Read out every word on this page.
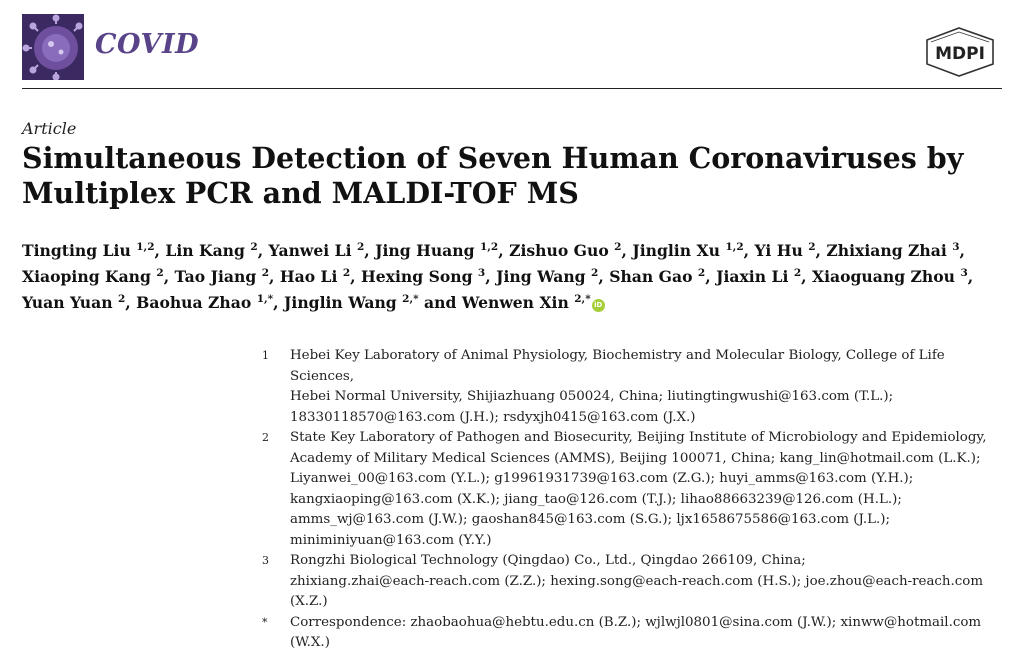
COVID	MDPI
Article
Simultaneous Detection of Seven Human Coronaviruses by Multiplex PCR and MALDI-TOF MS
Tingting Liu $^{1,2}$, Lin Kang $^2$, Yanwei Li $^2$, Jing Huang $^{1,2}$, Zishuo Guo $^2$, Jinglin Xu $^{1,2}$, Yi Hu $^2$, Zhixiang Zhai $^3$, Xiaoping Kang $^2$, Tao Jiang $^2$, Hao Li $^2$, Hexing Song $^3$, Jing Wang $^2$, Shan Gao $^2$, Jiaxin Li $^2$, Xiaoguang Zhou $^3$, Yuan Yuan $^2$, Baohua Zhao $^{1,*}$, Jinglin Wang $^{2,*}$ and Wenwen Xin $^{2,*}$ iD
1 Hebei Key Laboratory of Animal Physiology, Biochemistry and Molecular Biology, College of Life Sciences,
Hebei Normal University, Shijiazhuang 050024, China; liutingtingwushi@163.com (T.L.);
18330118570@163.com (J.H.); rsdyxjh0415@163.com (J.X.)
2 State Key Laboratory of Pathogen and Biosecurity, Beijing Institute of Microbiology and Epidemiology,
Academy of Military Medical Sciences (AMMS), Beijing 100071, China; kang_lin@hotmail.com (L.K.);
Liyanwei_00@163.com (Y.L.); g19961931739@163.com (Z.G.); huyi_amms@163.com (Y.H.);
kangxiaoping@163.com (X.K.); jiang_tao@126.com (T.J.); lihao88663239@126.com (H.L.);
amms_wj@163.com (J.W.); gaoshan845@163.com (S.G.); ljx1658675586@163.com (J.L.);
miniminiyuan@163.com (Y.Y.)
3 Rongzhi Biological Technology (Qingdao) Co., Ltd., Qingdao 266109, China;
zhixiang.zhai@each-reach.com (Z.Z.); hexing.song@each-reach.com (H.S.); joe.zhou@each-reach.com (X.Z.)
* Correspondence: zhaobaohua@hebtu.edu.cn (B.Z.); wjlwjl0801@sina.com (J.W.); xinww@hotmail.com (W.X.)
